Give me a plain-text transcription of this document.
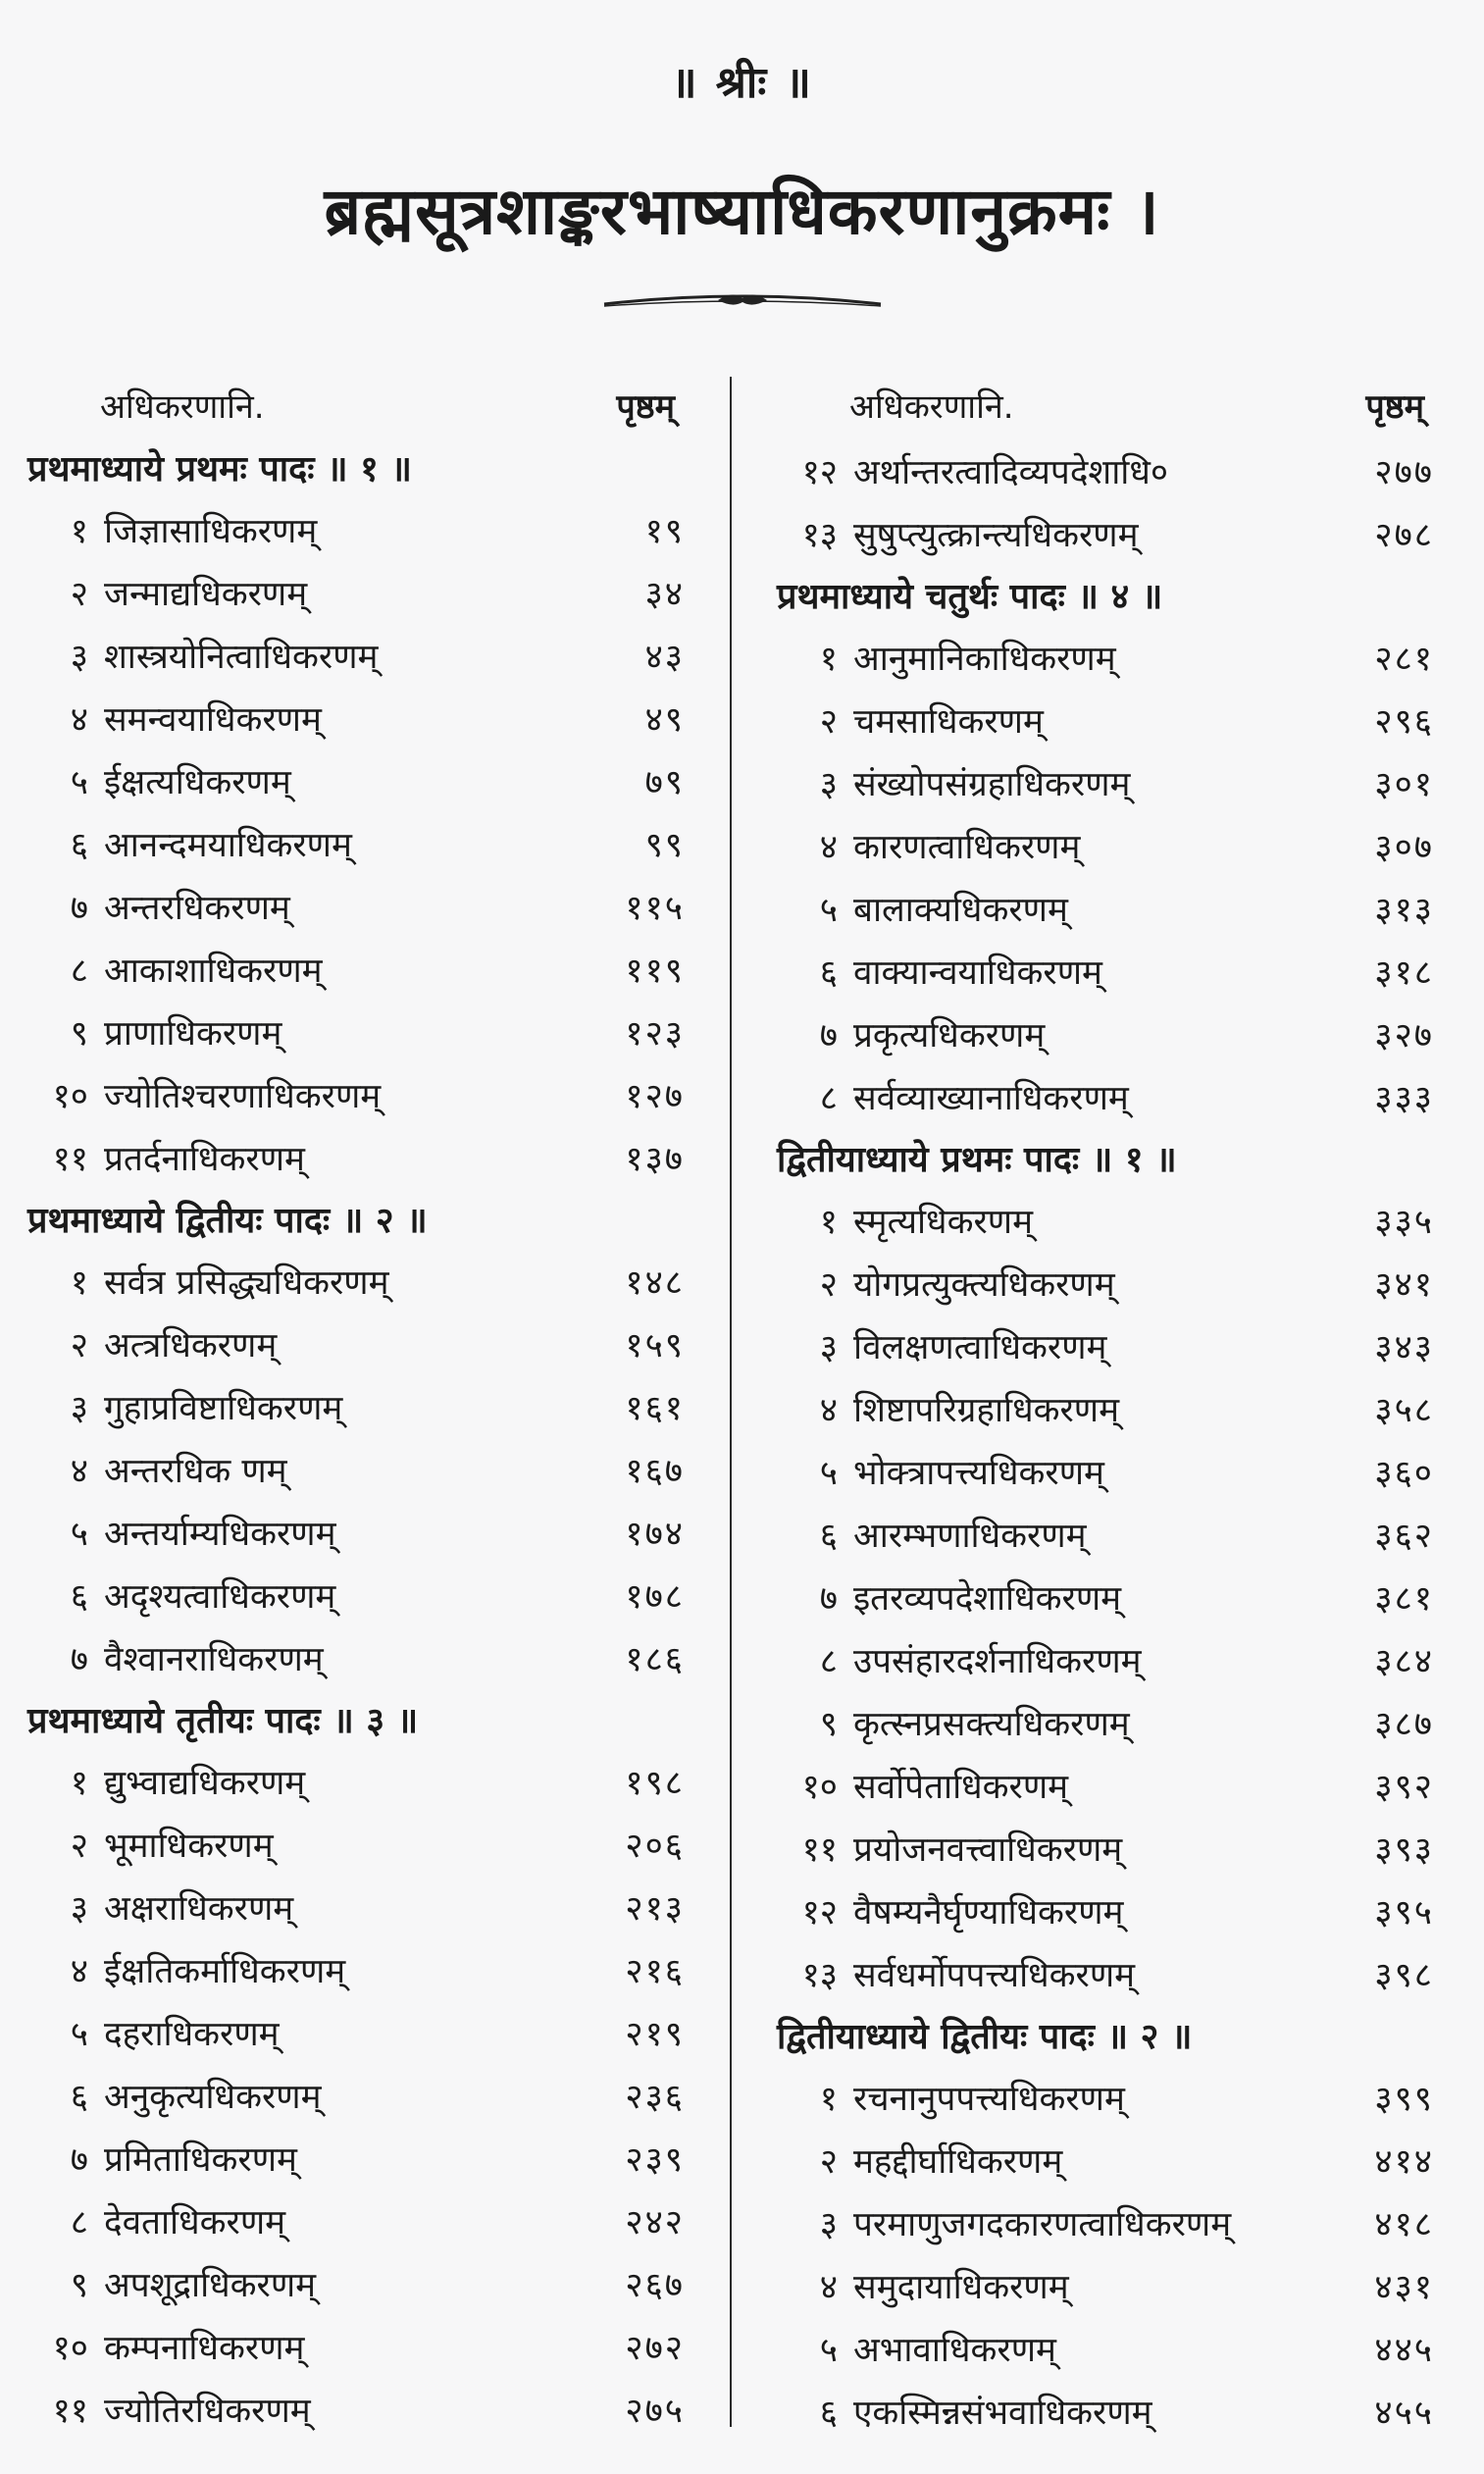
॥ श्रीः ॥
ब्रह्मसूत्रशाङ्करभाष्याधिकरणानुक्रमः ।
अधिकरणानि.	पृष्ठम्
प्रथमाध्याये प्रथमः पादः ॥ १ ॥
१ जिज्ञासाधिकरणम्	१९
२ जन्माद्यधिकरणम्	३४
३ शास्त्रयोनित्वाधिकरणम्	४३
४ समन्वयाधिकरणम्	४९
५ ईक्षत्यधिकरणम्	७९
६ आनन्दमयाधिकरणम्	९९
७ अन्तरधिकरणम्	११५
८ आकाशाधिकरणम्	११९
९ प्राणाधिकरणम्	१२३
१० ज्योतिश्चरणाधिकरणम्	१२७
११ प्रतर्दनाधिकरणम्	१३७
प्रथमाध्याये द्वितीयः पादः ॥ २ ॥
१ सर्वत्र प्रसिद्ध्यधिकरणम्	१४८
२ अत्त्रधिकरणम्	१५९
३ गुहाप्रविष्टाधिकरणम्	१६१
४ अन्तरधिक णम्	१६७
५ अन्तर्याम्यधिकरणम्	१७४
६ अदृश्यत्वाधिकरणम्	१७८
७ वैश्वानराधिकरणम्	१८६
प्रथमाध्याये तृतीयः पादः ॥ ३ ॥
१ द्युभ्वाद्यधिकरणम्	१९८
२ भूमाधिकरणम्	२०६
३ अक्षराधिकरणम्	२१३
४ ईक्षतिकर्माधिकरणम्	२१६
५ दहराधिकरणम्	२१९
६ अनुकृत्यधिकरणम्	२३६
७ प्रमिताधिकरणम्	२३९
८ देवताधिकरणम्	२४२
९ अपशूद्राधिकरणम्	२६७
१० कम्पनाधिकरणम्	२७२
११ ज्योतिरधिकरणम्	२७५
अधिकरणानि.	पृष्ठम्
१२ अर्थान्तरत्वादिव्यपदेशाधि०	२७७
१३ सुषुप्त्युत्क्रान्त्यधिकरणम्	२७८
प्रथमाध्याये चतुर्थः पादः ॥ ४ ॥
१ आनुमानिकाधिकरणम्	२८१
२ चमसाधिकरणम्	२९६
३ संख्योपसंग्रहाधिकरणम्	३०१
४ कारणत्वाधिकरणम्	३०७
५ बालाक्यधिकरणम्	३१३
६ वाक्यान्वयाधिकरणम्	३१८
७ प्रकृत्यधिकरणम्	३२७
८ सर्वव्याख्यानाधिकरणम्	३३३
द्वितीयाध्याये प्रथमः पादः ॥ १ ॥
१ स्मृत्यधिकरणम्	३३५
२ योगप्रत्युक्त्यधिकरणम्	३४१
३ विलक्षणत्वाधिकरणम्	३४३
४ शिष्टापरिग्रहाधिकरणम्	३५८
५ भोक्त्रापत्त्यधिकरणम्	३६०
६ आरम्भणाधिकरणम्	३६२
७ इतरव्यपदेशाधिकरणम्	३८१
८ उपसंहारदर्शनाधिकरणम्	३८४
९ कृत्स्नप्रसक्त्यधिकरणम्	३८७
१० सर्वोपेताधिकरणम्	३९२
११ प्रयोजनवत्त्वाधिकरणम्	३९३
१२ वैषम्यनैर्घृण्याधिकरणम्	३९५
१३ सर्वधर्मोपपत्त्यधिकरणम्	३९८
द्वितीयाध्याये द्वितीयः पादः ॥ २ ॥
१ रचनानुपपत्त्यधिकरणम्	३९९
२ महद्दीर्घाधिकरणम्	४१४
३ परमाणुजगदकारणत्वाधिकरणम्	४१८
४ समुदायाधिकरणम्	४३१
५ अभावाधिकरणम्	४४५
६ एकस्मिन्नसंभवाधिकरणम्	४५५
